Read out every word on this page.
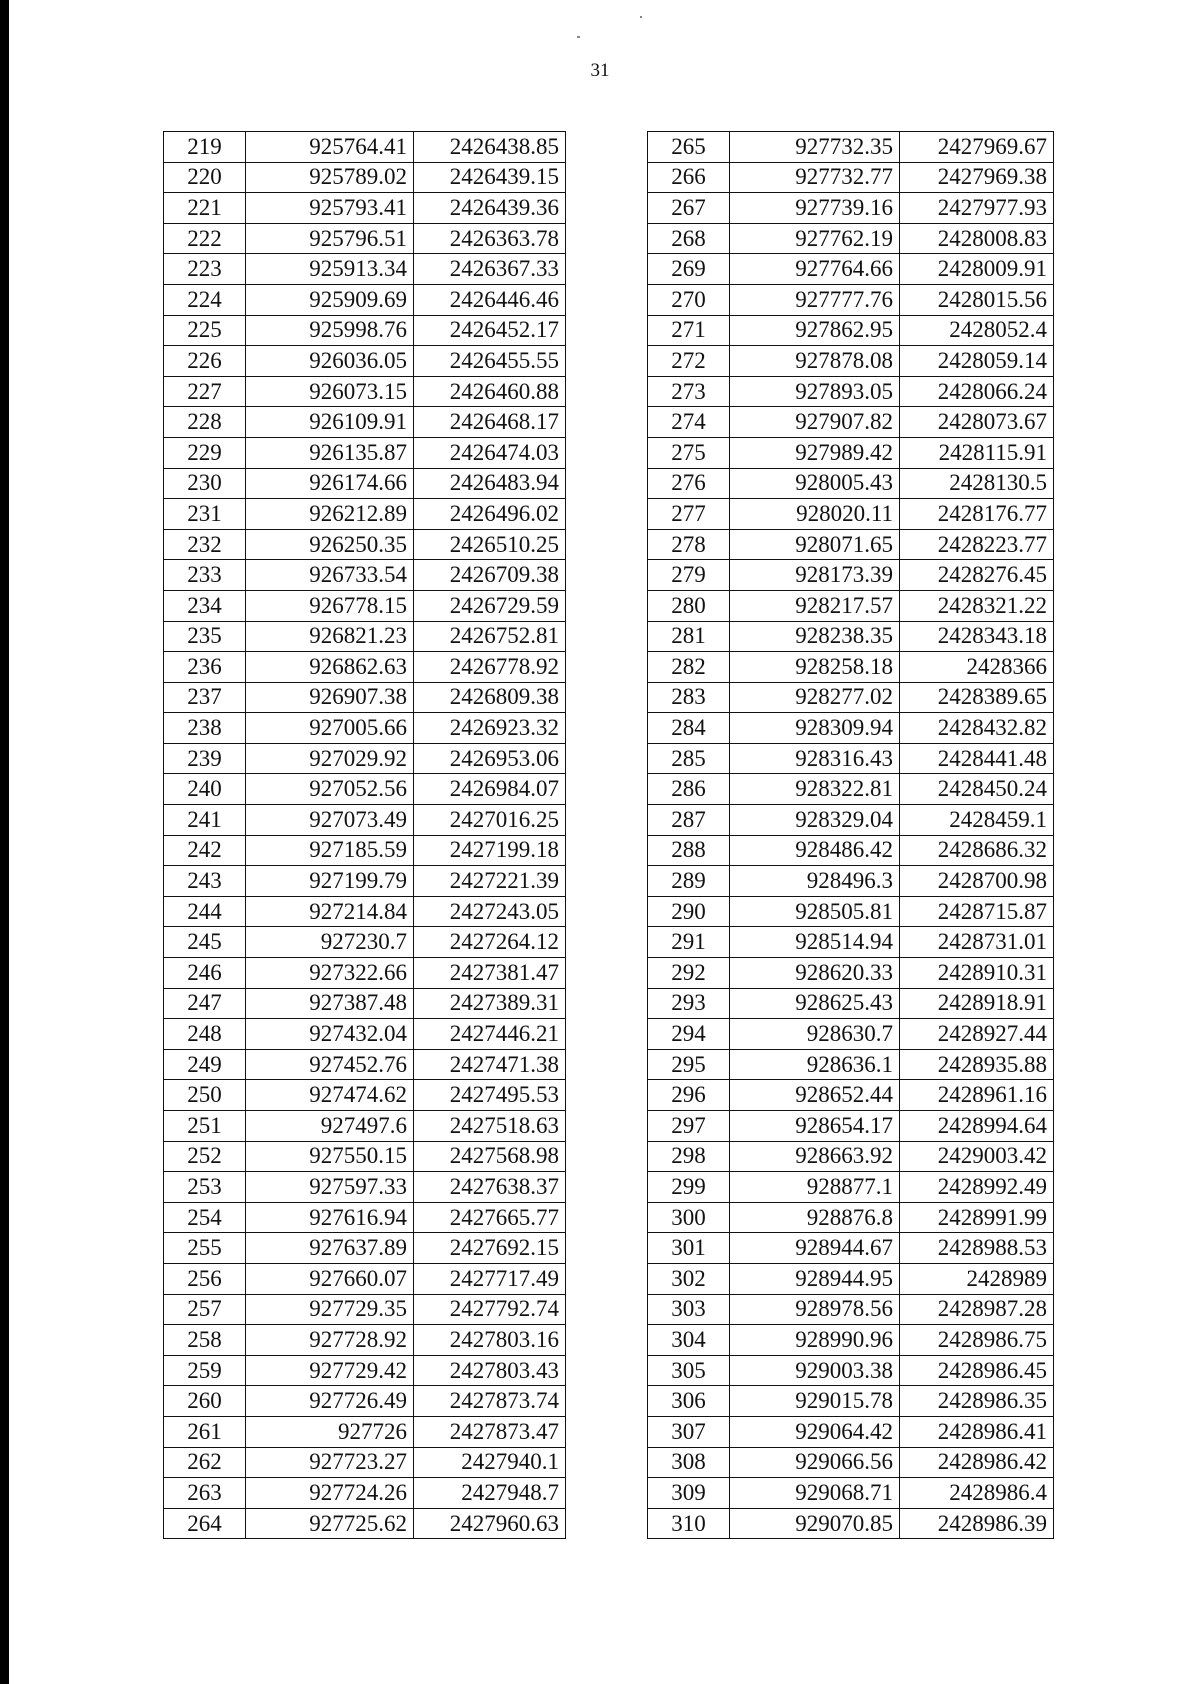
31
219	925764.41	2426438.85
220	925789.02	2426439.15
221	925793.41	2426439.36
222	925796.51	2426363.78
223	925913.34	2426367.33
224	925909.69	2426446.46
225	925998.76	2426452.17
226	926036.05	2426455.55
227	926073.15	2426460.88
228	926109.91	2426468.17
229	926135.87	2426474.03
230	926174.66	2426483.94
231	926212.89	2426496.02
232	926250.35	2426510.25
233	926733.54	2426709.38
234	926778.15	2426729.59
235	926821.23	2426752.81
236	926862.63	2426778.92
237	926907.38	2426809.38
238	927005.66	2426923.32
239	927029.92	2426953.06
240	927052.56	2426984.07
241	927073.49	2427016.25
242	927185.59	2427199.18
243	927199.79	2427221.39
244	927214.84	2427243.05
245	927230.7	2427264.12
246	927322.66	2427381.47
247	927387.48	2427389.31
248	927432.04	2427446.21
249	927452.76	2427471.38
250	927474.62	2427495.53
251	927497.6	2427518.63
252	927550.15	2427568.98
253	927597.33	2427638.37
254	927616.94	2427665.77
255	927637.89	2427692.15
256	927660.07	2427717.49
257	927729.35	2427792.74
258	927728.92	2427803.16
259	927729.42	2427803.43
260	927726.49	2427873.74
261	927726	2427873.47
262	927723.27	2427940.1
263	927724.26	2427948.7
264	927725.62	2427960.63
265	927732.35	2427969.67
266	927732.77	2427969.38
267	927739.16	2427977.93
268	927762.19	2428008.83
269	927764.66	2428009.91
270	927777.76	2428015.56
271	927862.95	2428052.4
272	927878.08	2428059.14
273	927893.05	2428066.24
274	927907.82	2428073.67
275	927989.42	2428115.91
276	928005.43	2428130.5
277	928020.11	2428176.77
278	928071.65	2428223.77
279	928173.39	2428276.45
280	928217.57	2428321.22
281	928238.35	2428343.18
282	928258.18	2428366
283	928277.02	2428389.65
284	928309.94	2428432.82
285	928316.43	2428441.48
286	928322.81	2428450.24
287	928329.04	2428459.1
288	928486.42	2428686.32
289	928496.3	2428700.98
290	928505.81	2428715.87
291	928514.94	2428731.01
292	928620.33	2428910.31
293	928625.43	2428918.91
294	928630.7	2428927.44
295	928636.1	2428935.88
296	928652.44	2428961.16
297	928654.17	2428994.64
298	928663.92	2429003.42
299	928877.1	2428992.49
300	928876.8	2428991.99
301	928944.67	2428988.53
302	928944.95	2428989
303	928978.56	2428987.28
304	928990.96	2428986.75
305	929003.38	2428986.45
306	929015.78	2428986.35
307	929064.42	2428986.41
308	929066.56	2428986.42
309	929068.71	2428986.4
310	929070.85	2428986.39
